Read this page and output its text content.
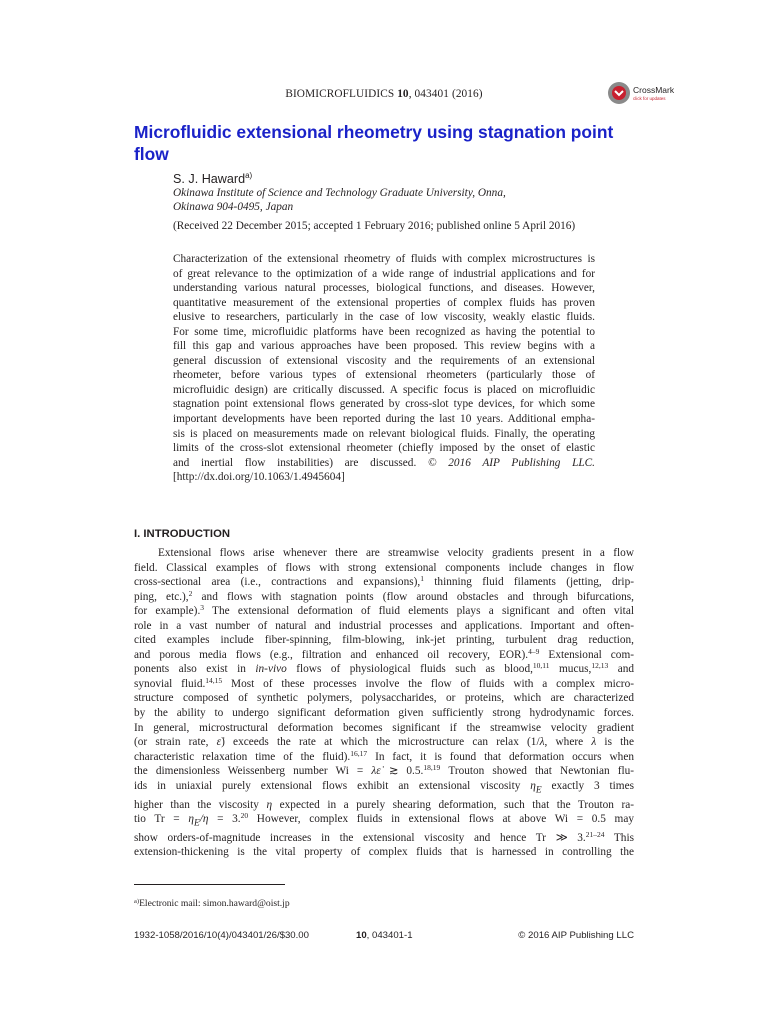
BIOMICROFLUIDICS 10, 043401 (2016)	CrossMark
click for updates
Microfluidic extensional rheometry using stagnation point flow
S. J. Haward$^{a)}$
Okinawa Institute of Science and Technology Graduate University, Onna,
Okinawa 904-0495, Japan
(Received 22 December 2015; accepted 1 February 2016; published online 5 April 2016)
Characterization of the extensional rheometry of fluids with complex microstructures is
of great relevance to the optimization of a wide range of industrial applications and for
understanding various natural processes, biological functions, and diseases. However,
quantitative measurement of the extensional properties of complex fluids has proven
elusive to researchers, particularly in the case of low viscosity, weakly elastic fluids.
For some time, microfluidic platforms have been recognized as having the potential to
fill this gap and various approaches have been proposed. This review begins with a
general discussion of extensional viscosity and the requirements of an extensional
rheometer, before various types of extensional rheometers (particularly those of
microfluidic design) are critically discussed. A specific focus is placed on microfluidic
stagnation point extensional flows generated by cross-slot type devices, for which some
important developments have been reported during the last 10 years. Additional empha-
sis is placed on measurements made on relevant biological fluids. Finally, the operating
limits of the cross-slot extensional rheometer (chiefly imposed by the onset of elastic
and inertial flow instabilities) are discussed. © 2016 AIP Publishing LLC.
[http://dx.doi.org/10.1063/1.4945604]
I. INTRODUCTION
Extensional flows arise whenever there are streamwise velocity gradients present in a flow
field. Classical examples of flows with strong extensional components include changes in flow
cross-sectional area (i.e., contractions and expansions),$^1$ thinning fluid filaments (jetting, drip-
ping, etc.),$^2$ and flows with stagnation points (flow around obstacles and through bifurcations,
for example).$^3$ The extensional deformation of fluid elements plays a significant and often vital
role in a vast number of natural and industrial processes and applications. Important and often-
cited examples include fiber-spinning, film-blowing, ink-jet printing, turbulent drag reduction,
and porous media flows (e.g., filtration and enhanced oil recovery, EOR).$^{4-9}$ Extensional com-
ponents also exist in in-vivo flows of physiological fluids such as blood,$^{10,11}$ mucus,$^{12,13}$ and
synovial fluid.$^{14,15}$ Most of these processes involve the flow of fluids with a complex micro-
structure composed of synthetic polymers, polysaccharides, or proteins, which are characterized
by the ability to undergo significant deformation given sufficiently strong hydrodynamic forces.
In general, microstructural deformation becomes significant if the streamwise velocity gradient
(or strain rate, ε̇) exceeds the rate at which the microstructure can relax (1/λ, where λ is the
characteristic relaxation time of the fluid).$^{16,17}$ In fact, it is found that deformation occurs when
the dimensionless Weissenberg number Wi = λε̇ ≳ 0.5.$^{18,19}$ Trouton showed that Newtonian flu-
ids in uniaxial purely extensional flows exhibit an extensional viscosity $\eta_E$ exactly 3 times
higher than the viscosity η expected in a purely shearing deformation, such that the Trouton ra-
tio $Tr = \eta_E/\eta = 3.20$ However, complex fluids in extensional flows at above Wi = 0.5 may
show orders-of-magnitude increases in the extensional viscosity and hence Tr ≫ 3.$^{21-24}$ This
extension-thickening is the vital property of complex fluids that is harnessed in controlling the
$^{a)}$Electronic mail: simon.haward@oist.jp
1932-1058/2016/10(4)/043401/26/$30.00	10, 043401-1	© 2016 AIP Publishing LLC
